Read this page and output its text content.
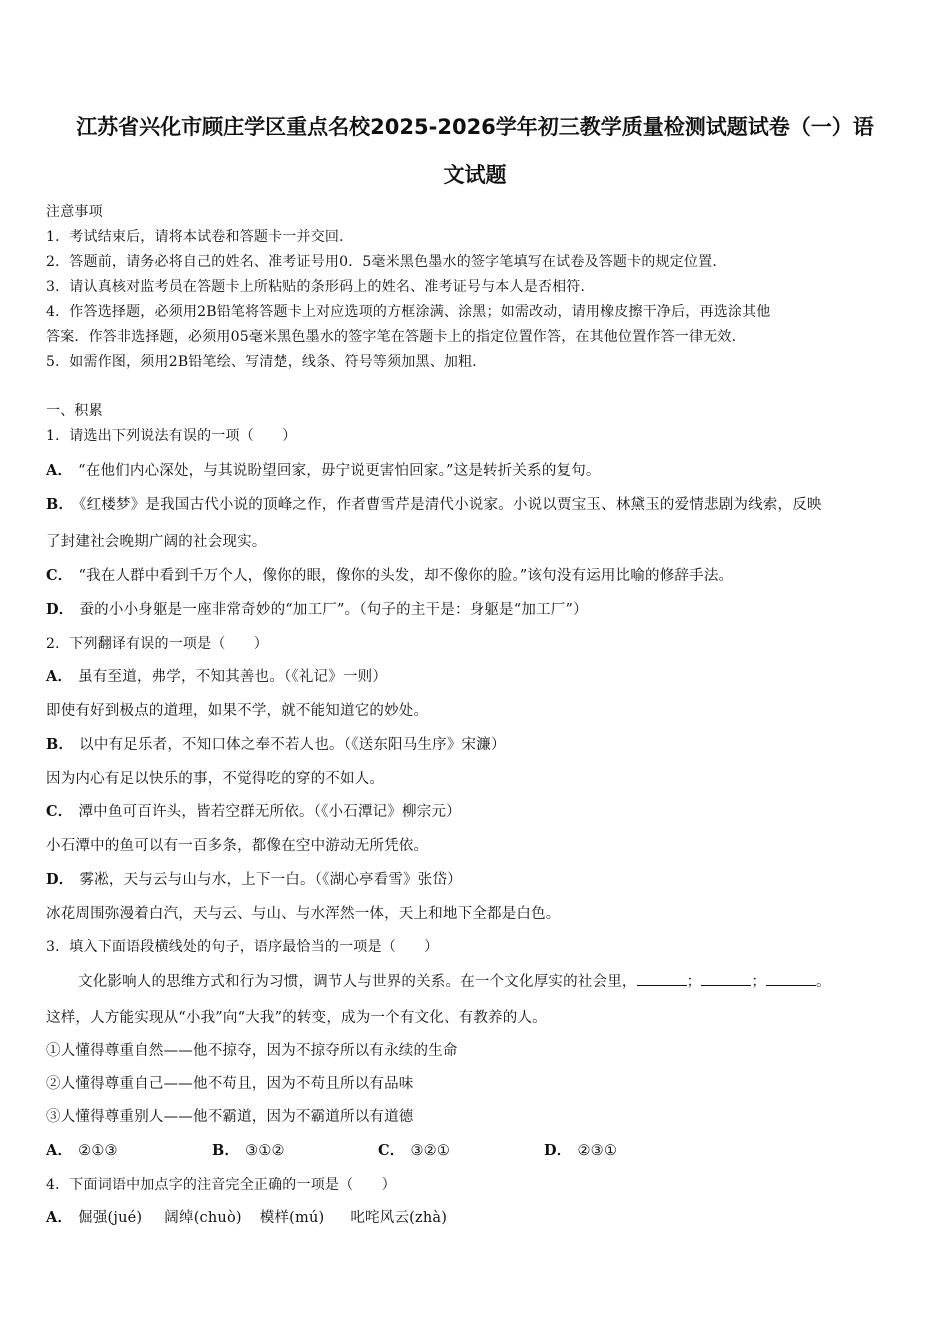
江苏省兴化市顾庄学区重点名校2025-2026学年初三教学质量检测试题试卷（一）语
文试题
注意事项
1．考试结束后，请将本试卷和答题卡一并交回．
2．答题前，请务必将自己的姓名、准考证号用0．5毫米黑色墨水的签字笔填写在试卷及答题卡的规定位置．
3．请认真核对监考员在答题卡上所粘贴的条形码上的姓名、准考证号与本人是否相符．
4．作答选择题，必须用2B铅笔将答题卡上对应选项的方框涂满、涂黑；如需改动，请用橡皮擦干净后，再选涂其他
答案．作答非选择题，必须用05毫米黑色墨水的签字笔在答题卡上的指定位置作答，在其他位置作答一律无效．
5．如需作图，须用2B铅笔绘、写清楚，线条、符号等须加黑、加粗．
一、积累
1．请选出下列说法有误的一项（　　）
A． “在他们内心深处，与其说盼望回家，毋宁说更害怕回家。”这是转折关系的复句。
B． 《红楼梦》是我国古代小说的顶峰之作，作者曹雪芹是清代小说家。小说以贾宝玉、林黛玉的爱情悲剧为线索，反映
了封建社会晚期广阔的社会现实。
C． “我在人群中看到千万个人，像你的眼，像你的头发，却不像你的脸。”该句没有运用比喻的修辞手法。
D． 蚕的小小身躯是一座非常奇妙的“加工厂”。（句子的主干是：身躯是“加工厂”）
2．下列翻译有误的一项是（　　）
A． 虽有至道，弗学，不知其善也。（《礼记》一则）
即使有好到极点的道理，如果不学，就不能知道它的妙处。
B． 以中有足乐者，不知口体之奉不若人也。（《送东阳马生序》宋濂）
因为内心有足以快乐的事，不觉得吃的穿的不如人。
C． 潭中鱼可百许头，皆若空群无所依。（《小石潭记》柳宗元）
小石潭中的鱼可以有一百多条，都像在空中游动无所凭依。
D． 雾凇，天与云与山与水，上下一白。（《湖心亭看雪》张岱）
冰花周围弥漫着白汽，天与云、与山、与水浑然一体，天上和地下全都是白色。
3．填入下面语段横线处的句子，语序最恰当的一项是（　　）
文化影响人的思维方式和行为习惯，调节人与世界的关系。在一个文化厚实的社会里，	；	；	。
这样，人方能实现从“小我”向“大我”的转变，成为一个有文化、有教养的人。
①人懂得尊重自然——他不掠夺，因为不掠夺所以有永续的生命
②人懂得尊重自己——他不苟且，因为不苟且所以有品味
③人懂得尊重别人——他不霸道，因为不霸道所以有道德
A． ②①③	B． ③①②	C． ③②①	D． ②③①
4．下面词语中加点字的注音完全正确的一项是（　　）
A． 倔强(jué) 阔绰(chuò) 模样(mú) 叱咤风云(zhà)
